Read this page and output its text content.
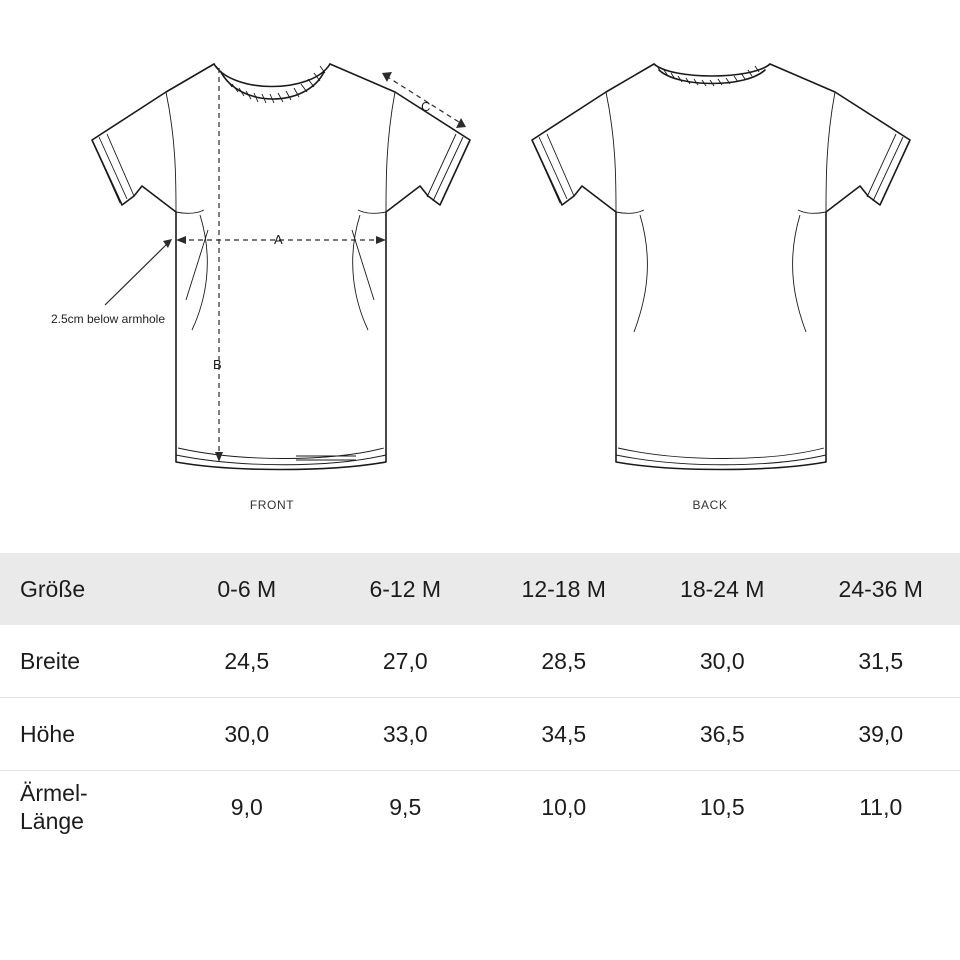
A
B
C
FRONT	BACK
2.5cm below armhole
Größe	0-6 M	6-12 M	12-18 M	18-24 M	24-36 M
Breite	24,5	27,0	28,5	30,0	31,5
Höhe	30,0	33,0	34,5	36,5	39,0
Ärmel-
Länge	9,0	9,5	10,0	10,5	11,0
